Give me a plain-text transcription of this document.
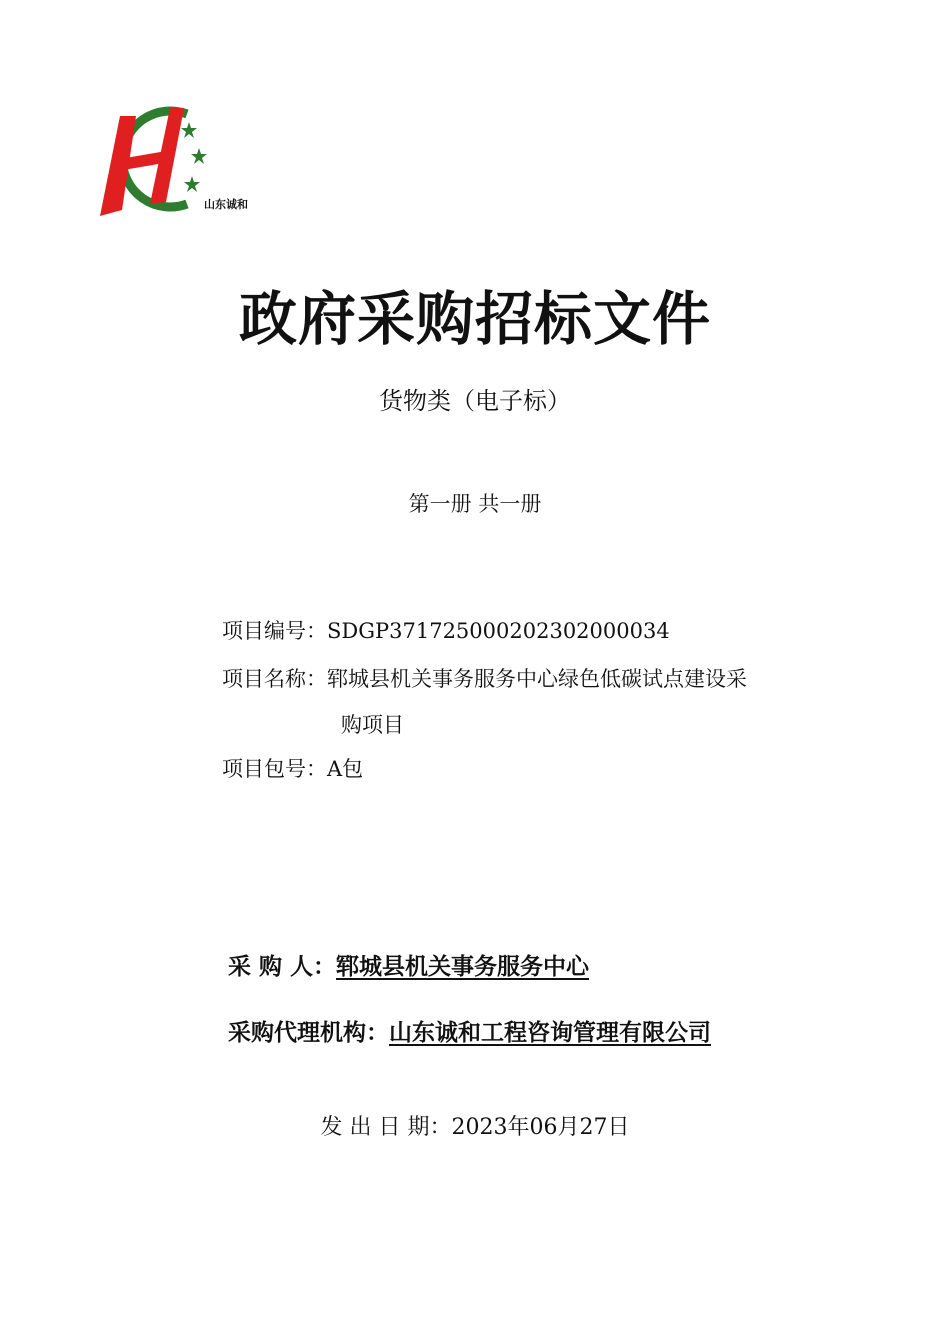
山东诚和
政府采购招标文件
货物类（电子标）
第一册 共一册
项目编号：SDGP371725000202302000034
项目名称：郓城县机关事务服务中心绿色低碳试点建设采
购项目
项目包号：A包
采 购 人：郓城县机关事务服务中心
采购代理机构：山东诚和工程咨询管理有限公司
发 出 日 期：2023年06月27日
